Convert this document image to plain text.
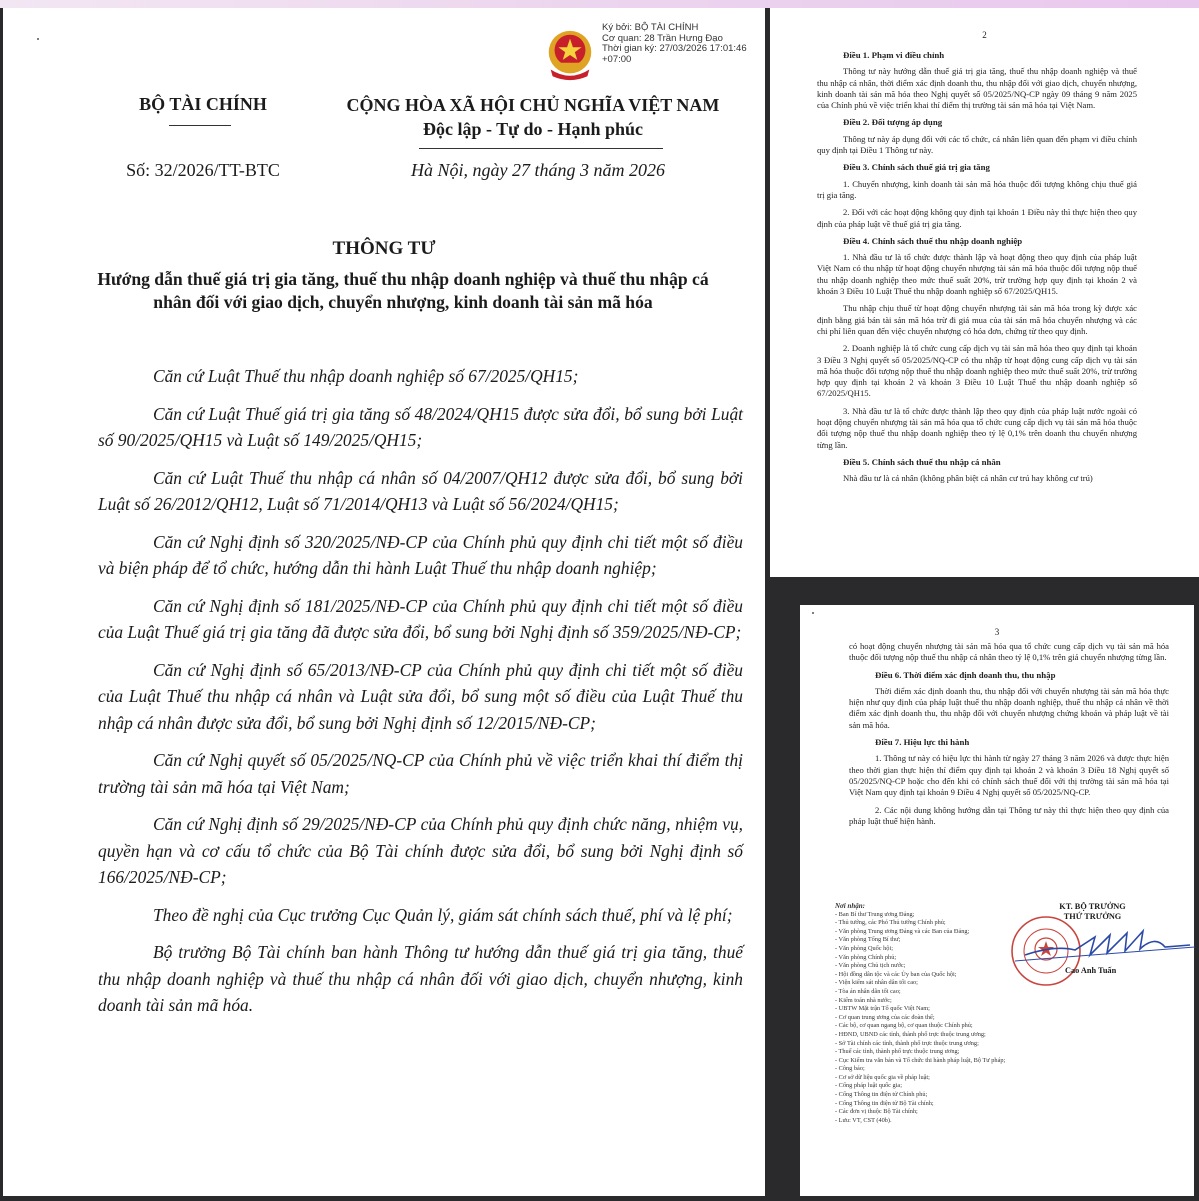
Ký bởi: BỘ TÀI CHÍNH
Cơ quan: 28 Trần Hưng Đạo
Thời gian ký: 27/03/2026 17:01:46 +07:00
BỘ TÀI CHÍNH
Số: 32/2026/TT-BTC
CỘNG HÒA XÃ HỘI CHỦ NGHĨA VIỆT NAM
Độc lập - Tự do - Hạnh phúc
Hà Nội, ngày 27 tháng 3 năm 2026
THÔNG TƯ
Hướng dẫn thuế giá trị gia tăng, thuế thu nhập doanh nghiệp và thuế thu nhập cá nhân đối với giao dịch, chuyển nhượng, kinh doanh tài sản mã hóa

Căn cứ Luật Thuế thu nhập doanh nghiệp số 67/2025/QH15;

Căn cứ Luật Thuế giá trị gia tăng số 48/2024/QH15 được sửa đổi, bổ sung bởi Luật số 90/2025/QH15 và Luật số 149/2025/QH15;

Căn cứ Luật Thuế thu nhập cá nhân số 04/2007/QH12 được sửa đổi, bổ sung bởi Luật số 26/2012/QH12, Luật số 71/2014/QH13 và Luật số 56/2024/QH15;

Căn cứ Nghị định số 320/2025/NĐ-CP của Chính phủ quy định chi tiết một số điều và biện pháp để tổ chức, hướng dẫn thi hành Luật Thuế thu nhập doanh nghiệp;

Căn cứ Nghị định số 181/2025/NĐ-CP của Chính phủ quy định chi tiết một số điều của Luật Thuế giá trị gia tăng đã được sửa đổi, bổ sung bởi Nghị định số 359/2025/NĐ-CP;

Căn cứ Nghị định số 65/2013/NĐ-CP của Chính phủ quy định chi tiết một số điều của Luật Thuế thu nhập cá nhân và Luật sửa đổi, bổ sung một số điều của Luật Thuế thu nhập cá nhân được sửa đổi, bổ sung bởi Nghị định số 12/2015/NĐ-CP;

Căn cứ Nghị quyết số 05/2025/NQ-CP của Chính phủ về việc triển khai thí điểm thị trường tài sản mã hóa tại Việt Nam;

Căn cứ Nghị định số 29/2025/NĐ-CP của Chính phủ quy định chức năng, nhiệm vụ, quyền hạn và cơ cấu tổ chức của Bộ Tài chính được sửa đổi, bổ sung bởi Nghị định số 166/2025/NĐ-CP;

Theo đề nghị của Cục trưởng Cục Quản lý, giám sát chính sách thuế, phí và lệ phí;

Bộ trưởng Bộ Tài chính ban hành Thông tư hướng dẫn thuế giá trị gia tăng, thuế thu nhập doanh nghiệp và thuế thu nhập cá nhân đối với giao dịch, chuyển nhượng, kinh doanh tài sản mã hóa.

2
Điều 1. Phạm vi điều chỉnh

Thông tư này hướng dẫn thuế giá trị gia tăng, thuế thu nhập doanh nghiệp và thuế thu nhập cá nhân, thời điểm xác định doanh thu, thu nhập đối với giao dịch, chuyển nhượng, kinh doanh tài sản mã hóa theo Nghị quyết số 05/2025/NQ-CP ngày 09 tháng 9 năm 2025 của Chính phủ về việc triển khai thí điểm thị trường tài sản mã hóa tại Việt Nam.

Điều 2. Đối tượng áp dụng

Thông tư này áp dụng đối với các tổ chức, cá nhân liên quan đến phạm vi điều chỉnh quy định tại Điều 1 Thông tư này.

Điều 3. Chính sách thuế giá trị gia tăng

1. Chuyển nhượng, kinh doanh tài sản mã hóa thuộc đối tượng không chịu thuế giá trị gia tăng.

2. Đối với các hoạt động không quy định tại khoản 1 Điều này thì thực hiện theo quy định của pháp luật về thuế giá trị gia tăng.

Điều 4. Chính sách thuế thu nhập doanh nghiệp

1. Nhà đầu tư là tổ chức được thành lập và hoạt động theo quy định của pháp luật Việt Nam có thu nhập từ hoạt động chuyển nhượng tài sản mã hóa thuộc đối tượng nộp thuế thu nhập doanh nghiệp theo mức thuế suất 20%, trừ trường hợp quy định tại khoản 2 và khoản 3 Điều 10 Luật Thuế thu nhập doanh nghiệp số 67/2025/QH15.

Thu nhập chịu thuế từ hoạt động chuyển nhượng tài sản mã hóa trong kỳ được xác định bằng giá bán tài sản mã hóa trừ đi giá mua của tài sản mã hóa chuyển nhượng và các chi phí liên quan đến việc chuyển nhượng có hóa đơn, chứng từ theo quy định.

2. Doanh nghiệp là tổ chức cung cấp dịch vụ tài sản mã hóa theo quy định tại khoản 3 Điều 3 Nghị quyết số 05/2025/NQ-CP có thu nhập từ hoạt động cung cấp dịch vụ tài sản mã hóa thuộc đối tượng nộp thuế thu nhập doanh nghiệp theo mức thuế suất 20%, trừ trường hợp quy định tại khoản 2 và khoản 3 Điều 10 Luật Thuế thu nhập doanh nghiệp số 67/2025/QH15.

3. Nhà đầu tư là tổ chức được thành lập theo quy định của pháp luật nước ngoài có hoạt động chuyển nhượng tài sản mã hóa qua tổ chức cung cấp dịch vụ tài sản mã hóa thuộc đối tượng nộp thuế thu nhập doanh nghiệp theo tỷ lệ 0,1% trên doanh thu chuyển nhượng từng lần.

Điều 5. Chính sách thuế thu nhập cá nhân

Nhà đầu tư là cá nhân (không phân biệt cá nhân cư trú hay không cư trú)

3

có hoạt động chuyển nhượng tài sản mã hóa qua tổ chức cung cấp dịch vụ tài sản mã hóa thuộc đối tượng nộp thuế thu nhập cá nhân theo tỷ lệ 0,1% trên giá chuyển nhượng từng lần.

Điều 6. Thời điểm xác định doanh thu, thu nhập

Thời điểm xác định doanh thu, thu nhập đối với chuyển nhượng tài sản mã hóa thực hiện như quy định của pháp luật thuế thu nhập doanh nghiệp, thuế thu nhập cá nhân về thời điểm xác định doanh thu, thu nhập đối với chuyển nhượng chứng khoán và pháp luật về tài sản mã hóa.

Điều 7. Hiệu lực thi hành

1. Thông tư này có hiệu lực thi hành từ ngày 27 tháng 3 năm 2026 và được thực hiện theo thời gian thực hiện thí điểm quy định tại khoản 2 và khoản 3 Điều 18 Nghị quyết số 05/2025/NQ-CP hoặc cho đến khi có chính sách thuế đối với thị trường tài sản mã hóa tại Việt Nam quy định tại khoản 9 Điều 4 Nghị quyết số 05/2025/NQ-CP.

2. Các nội dung không hướng dẫn tại Thông tư này thì thực hiện theo quy định của pháp luật thuế hiện hành.

Nơi nhận:
- Ban Bí thư Trung ương Đảng;
- Thủ tướng, các Phó Thủ tướng Chính phủ;
- Văn phòng Trung ương Đảng và các Ban của Đảng;
- Văn phòng Tổng Bí thư;
- Văn phòng Quốc hội;
- Văn phòng Chính phủ;
- Văn phòng Chủ tịch nước;
- Hội đồng dân tộc và các Ủy ban của Quốc hội;
- Viện kiểm sát nhân dân tối cao;
- Tòa án nhân dân tối cao;
- Kiểm toán nhà nước;
- UBTW Mặt trận Tổ quốc Việt Nam;
- Cơ quan trung ương của các đoàn thể;
- Các bộ, cơ quan ngang bộ, cơ quan thuộc Chính phủ;
- HĐND, UBND các tỉnh, thành phố trực thuộc trung ương;
- Sở Tài chính các tỉnh, thành phố trực thuộc trung ương;
- Thuế các tỉnh, thành phố trực thuộc trung ương;
- Cục Kiểm tra văn bản và Tổ chức thi hành pháp luật, Bộ Tư pháp;
- Công báo;
- Cơ sở dữ liệu quốc gia về pháp luật;
- Cổng pháp luật quốc gia;
- Cổng Thông tin điện tử Chính phủ;
- Cổng Thông tin điện tử Bộ Tài chính;
- Các đơn vị thuộc Bộ Tài chính;
- Lưu: VT, CST (40b).
KT. BỘ TRƯỞNG
THỨ TRƯỞNG
Cao Anh Tuấn
